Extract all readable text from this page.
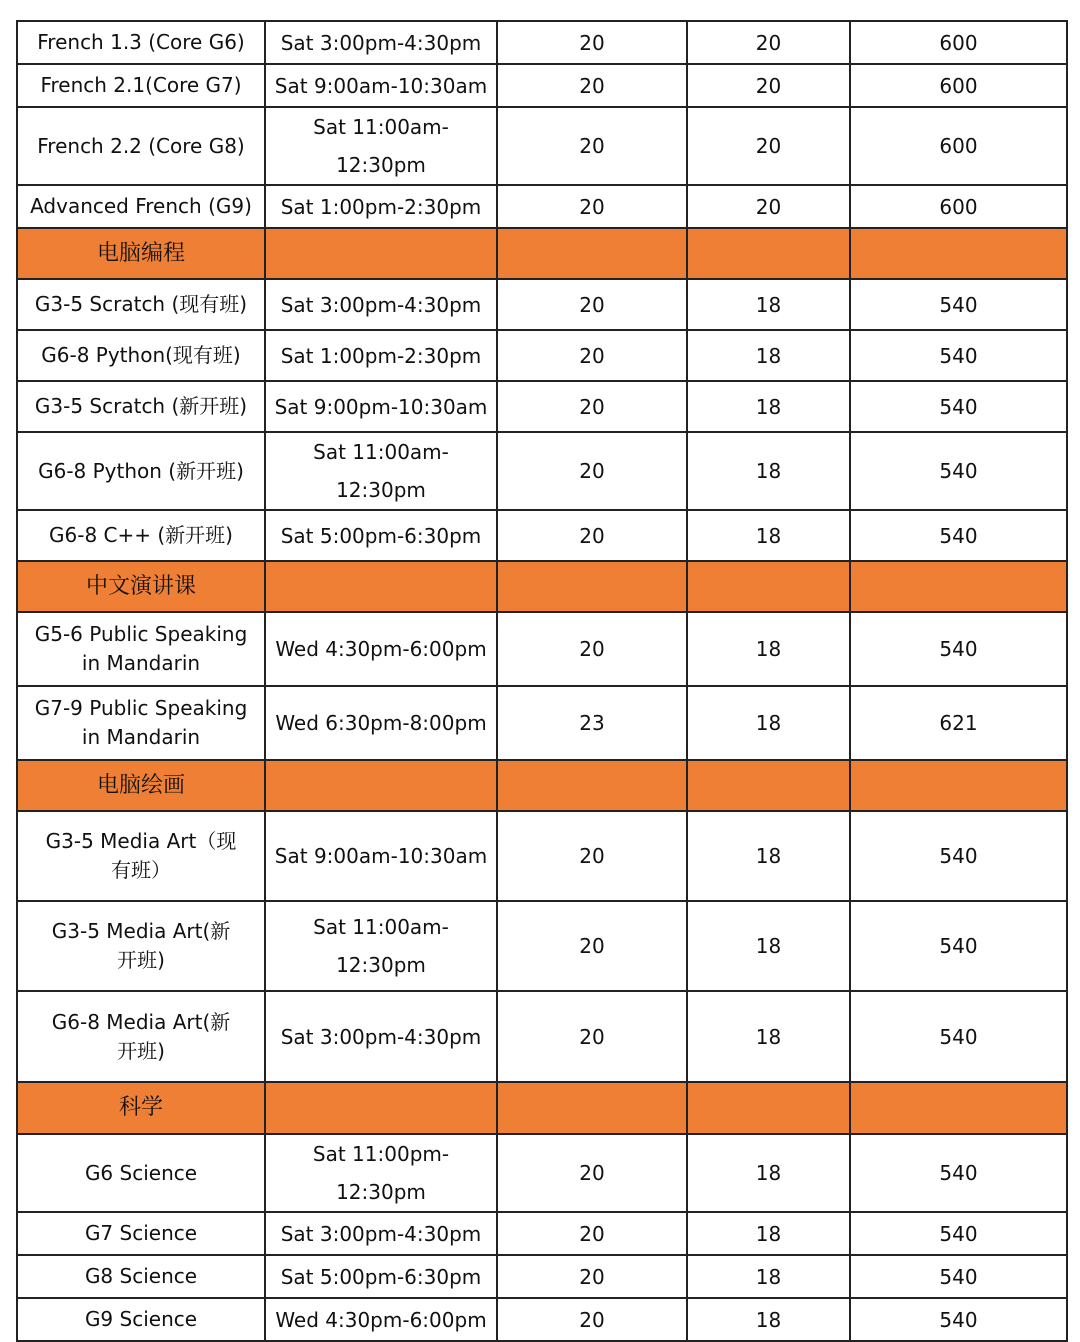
French 1.3 (Core G6)	Sat 3:00pm-4:30pm	20	20	600
French 2.1(Core G7)	Sat 9:00am-10:30am	20	20	600
French 2.2 (Core G8)	Sat 11:00am-12:30pm	20	20	600
Advanced French (G9)	Sat 1:00pm-2:30pm	20	20	600
电脑编程				
G3-5 Scratch (现有班)	Sat 3:00pm-4:30pm	20	18	540
G6-8 Python(现有班)	Sat 1:00pm-2:30pm	20	18	540
G3-5 Scratch (新开班)	Sat 9:00pm-10:30am	20	18	540
G6-8 Python (新开班)	Sat 11:00am-12:30pm	20	18	540
G6-8 C++ (新开班)	Sat 5:00pm-6:30pm	20	18	540
中文演讲课				
G5-6 Public Speaking in Mandarin	Wed 4:30pm-6:00pm	20	18	540
G7-9 Public Speaking in Mandarin	Wed 6:30pm-8:00pm	23	18	621
电脑绘画				
G3-5 Media Art（现有班）	Sat 9:00am-10:30am	20	18	540
G3-5 Media Art(新开班)	Sat 11:00am-12:30pm	20	18	540
G6-8 Media Art(新开班)	Sat 3:00pm-4:30pm	20	18	540
科学				
G6 Science	Sat 11:00pm-12:30pm	20	18	540
G7 Science	Sat 3:00pm-4:30pm	20	18	540
G8 Science	Sat 5:00pm-6:30pm	20	18	540
G9 Science	Wed 4:30pm-6:00pm	20	18	540
